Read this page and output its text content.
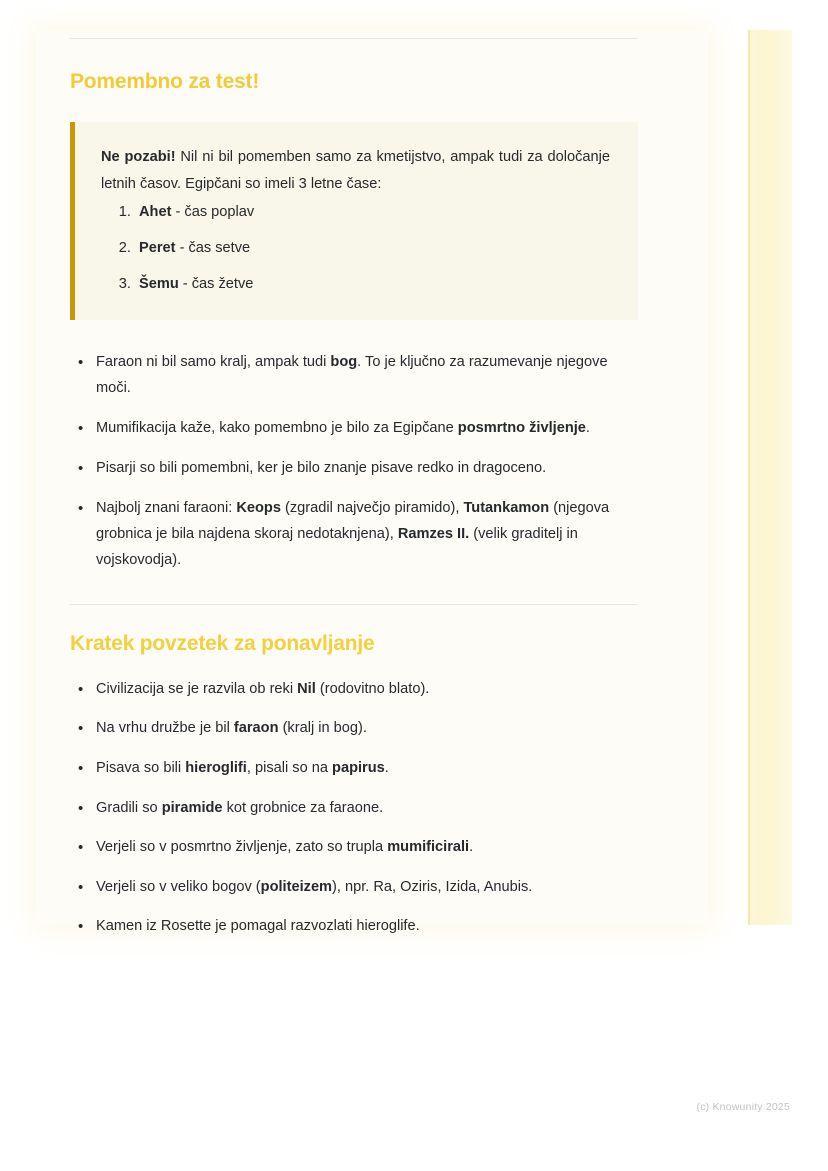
Pomembno za test!

Ne pozabi! Nil ni bil pomemben samo za kmetijstvo, ampak tudi za določanje letnih časov. Egipčani so imeli 3 letne čase:

1. Ahet - čas poplav
2. Peret - čas setve
3. Šemu - čas žetve
• Faraon ni bil samo kralj, ampak tudi bog. To je ključno za razumevanje njegove moči.
• Mumifikacija kaže, kako pomembno je bilo za Egipčane posmrtno življenje.
• Pisarji so bili pomembni, ker je bilo znanje pisave redko in dragoceno.
• Najbolj znani faraoni: Keops (zgradil največjo piramido), Tutankamon (njegova grobnica je bila najdena skoraj nedotaknjena), Ramzes II. (velik graditelj in vojskovodja).
Kratek povzetek za ponavljanje
• Civilizacija se je razvila ob reki Nil (rodovitno blato).
• Na vrhu družbe je bil faraon (kralj in bog).
• Pisava so bili hieroglifi, pisali so na papirus.
• Gradili so piramide kot grobnice za faraone.
• Verjeli so v posmrtno življenje, zato so trupla mumificirali.
• Verjeli so v veliko bogov (politeizem), npr. Ra, Oziris, Izida, Anubis.
• Kamen iz Rosette je pomagal razvozlati hieroglife.
(c) Knowunity 2025
